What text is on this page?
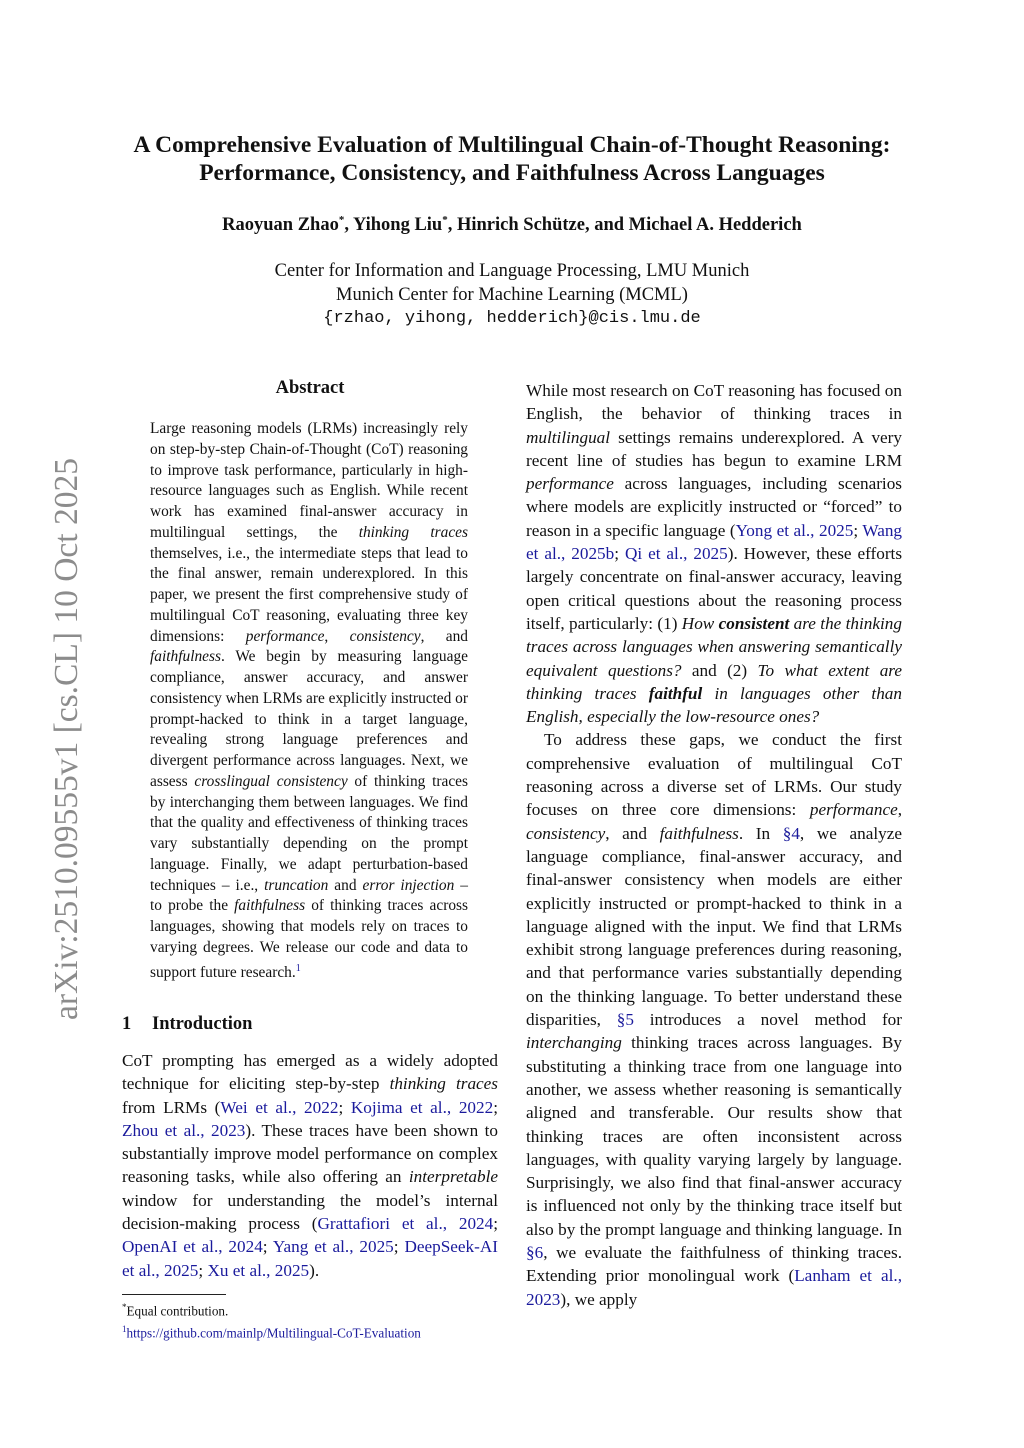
arXiv:2510.09555v1 [cs.CL] 10 Oct 2025
A Comprehensive Evaluation of Multilingual Chain-of-Thought Reasoning:
Performance, Consistency, and Faithfulness Across Languages
Raoyuan Zhao*, Yihong Liu*, Hinrich Schütze, and Michael A. Hedderich
Center for Information and Language Processing, LMU Munich
Munich Center for Machine Learning (MCML)
{rzhao, yihong, hedderich}@cis.lmu.de
Abstract

Large reasoning models (LRMs) increasingly rely on step-by-step Chain-of-Thought (CoT) reasoning to improve task performance, particularly in high-resource languages such as English. While recent work has examined final-answer accuracy in multilingual settings, the thinking traces themselves, i.e., the intermediate steps that lead to the final answer, remain underexplored. In this paper, we present the first comprehensive study of multilingual CoT reasoning, evaluating three key dimensions: performance, consistency, and faithfulness. We begin by measuring language compliance, answer accuracy, and answer consistency when LRMs are explicitly instructed or prompt-hacked to think in a target language, revealing strong language preferences and divergent performance across languages. Next, we assess crosslingual consistency of thinking traces by interchanging them between languages. We find that the quality and effectiveness of thinking traces vary substantially depending on the prompt language. Finally, we adapt perturbation-based techniques – i.e., truncation and error injection – to probe the faithfulness of thinking traces across languages, showing that models rely on traces to varying degrees. We release our code and data to support future research.$^1$

1 Introduction

CoT prompting has emerged as a widely adopted technique for eliciting step-by-step thinking traces from LRMs (Wei et al., 2022; Kojima et al., 2022; Zhou et al., 2023). These traces have been shown to substantially improve model performance on complex reasoning tasks, while also offering an interpretable window for understanding the model’s internal decision-making process (Grattafiori et al., 2024; OpenAI et al., 2024; Yang et al., 2025; DeepSeek-AI et al., 2025; Xu et al., 2025).

*Equal contribution.
$^1$https://github.com/mainlp/Multilingual-CoT-Evaluation

While most research on CoT reasoning has focused on English, the behavior of thinking traces in multilingual settings remains underexplored. A very recent line of studies has begun to examine LRM performance across languages, including scenarios where models are explicitly instructed or “forced” to reason in a specific language (Yong et al., 2025; Wang et al., 2025b; Qi et al., 2025). However, these efforts largely concentrate on final-answer accuracy, leaving open critical questions about the reasoning process itself, particularly: (1) How consistent are the thinking traces across languages when answering semantically equivalent questions? and (2) To what extent are thinking traces faithful in languages other than English, especially the low-resource ones?

To address these gaps, we conduct the first comprehensive evaluation of multilingual CoT reasoning across a diverse set of LRMs. Our study focuses on three core dimensions: performance, consistency, and faithfulness. In §4, we analyze language compliance, final-answer accuracy, and final-answer consistency when models are either explicitly instructed or prompt-hacked to think in a language aligned with the input. We find that LRMs exhibit strong language preferences during reasoning, and that performance varies substantially depending on the thinking language. To better understand these disparities, §5 introduces a novel method for interchanging thinking traces across languages. By substituting a thinking trace from one language into another, we assess whether reasoning is semantically aligned and transferable. Our results show that thinking traces are often inconsistent across languages, with quality varying largely by language. Surprisingly, we also find that final-answer accuracy is influenced not only by the thinking trace itself but also by the prompt language and thinking language. In §6, we evaluate the faithfulness of thinking traces. Extending prior monolingual work (Lanham et al., 2023), we apply
